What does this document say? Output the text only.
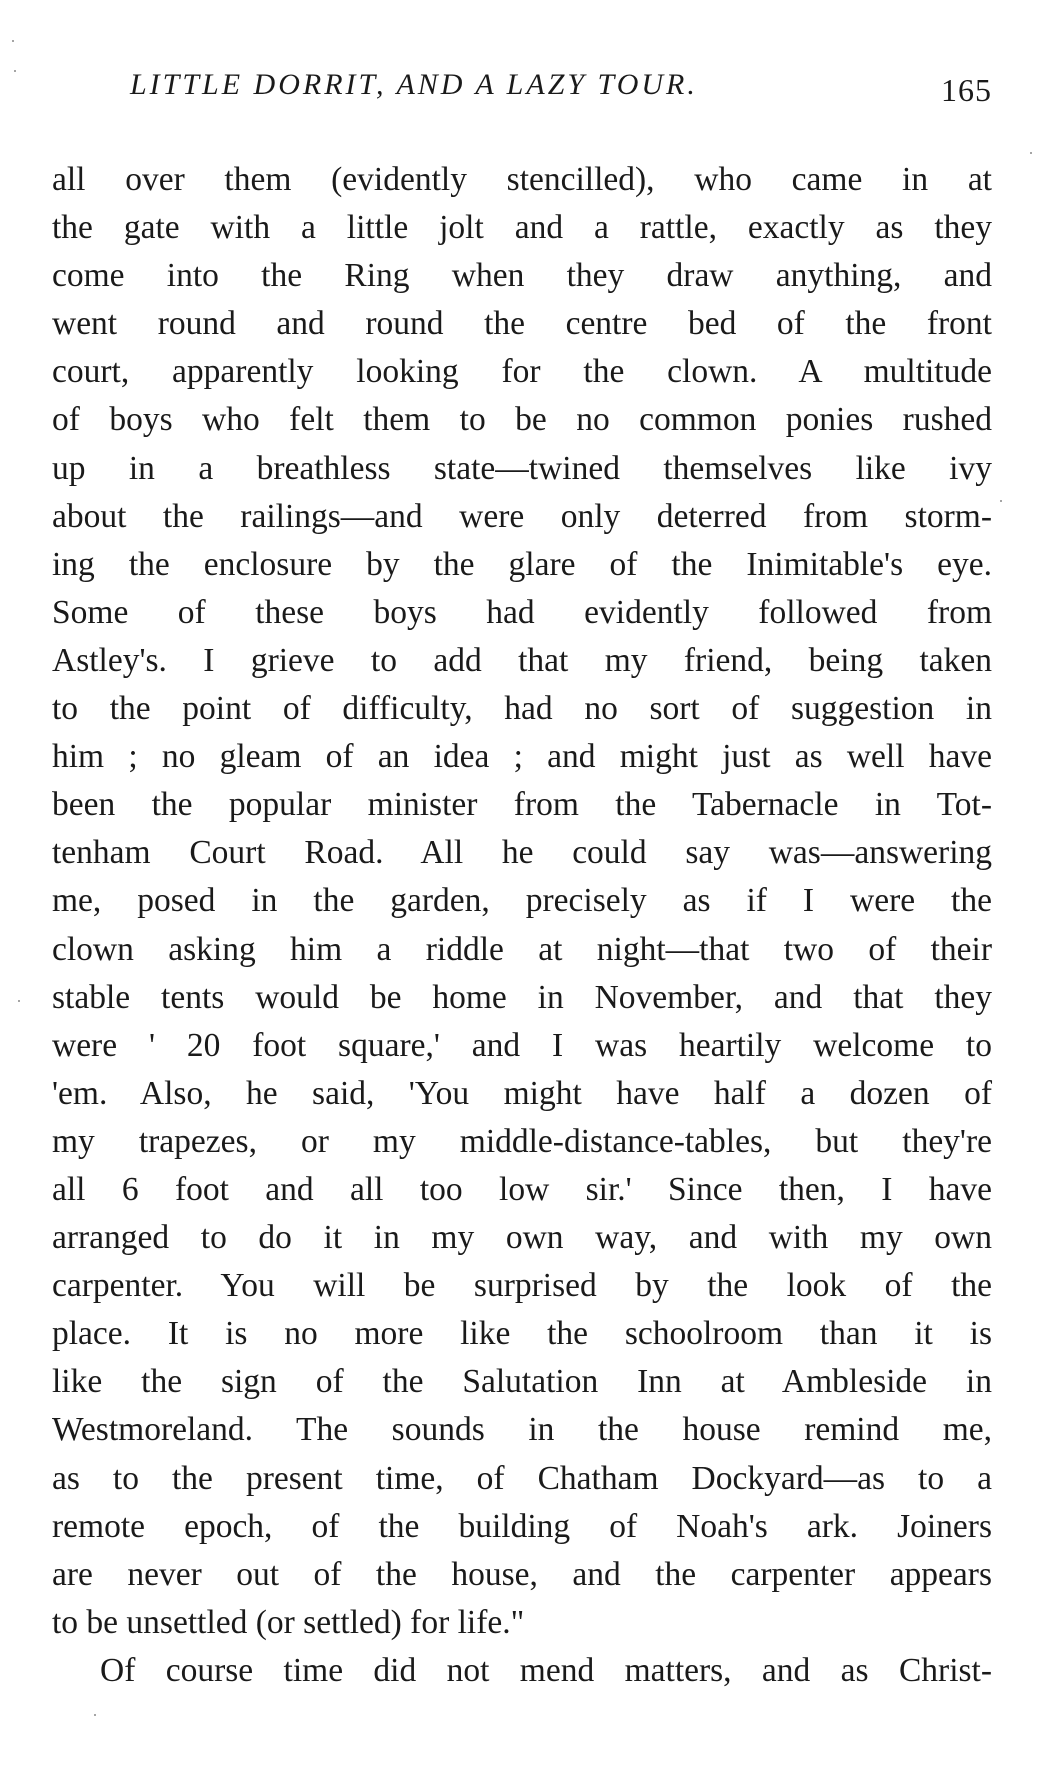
LITTLE DORRIT, AND A LAZY TOUR.	165
all over them (evidently stencilled), who came in at
the gate with a little jolt and a rattle, exactly as they
come into the Ring when they draw anything, and
went round and round the centre bed of the front
court, apparently looking for the clown. A multitude
of boys who felt them to be no common ponies rushed
up in a breathless state—twined themselves like ivy
about the railings—and were only deterred from storm-
ing the enclosure by the glare of the Inimitable's eye.
Some of these boys had evidently followed from
Astley's. I grieve to add that my friend, being taken
to the point of difficulty, had no sort of suggestion in
him ; no gleam of an idea ; and might just as well have
been the popular minister from the Tabernacle in Tot-
tenham Court Road. All he could say was—answering
me, posed in the garden, precisely as if I were the
clown asking him a riddle at night—that two of their
stable tents would be home in November, and that they
were ' 20 foot square,' and I was heartily welcome to
'em. Also, he said, 'You might have half a dozen of
my trapezes, or my middle-distance-tables, but they're
all 6 foot and all too low sir.' Since then, I have
arranged to do it in my own way, and with my own
carpenter. You will be surprised by the look of the
place. It is no more like the schoolroom than it is
like the sign of the Salutation Inn at Ambleside in
Westmoreland. The sounds in the house remind me,
as to the present time, of Chatham Dockyard—as to a
remote epoch, of the building of Noah's ark. Joiners
are never out of the house, and the carpenter appears
to be unsettled (or settled) for life."
Of course time did not mend matters, and as Christ-
